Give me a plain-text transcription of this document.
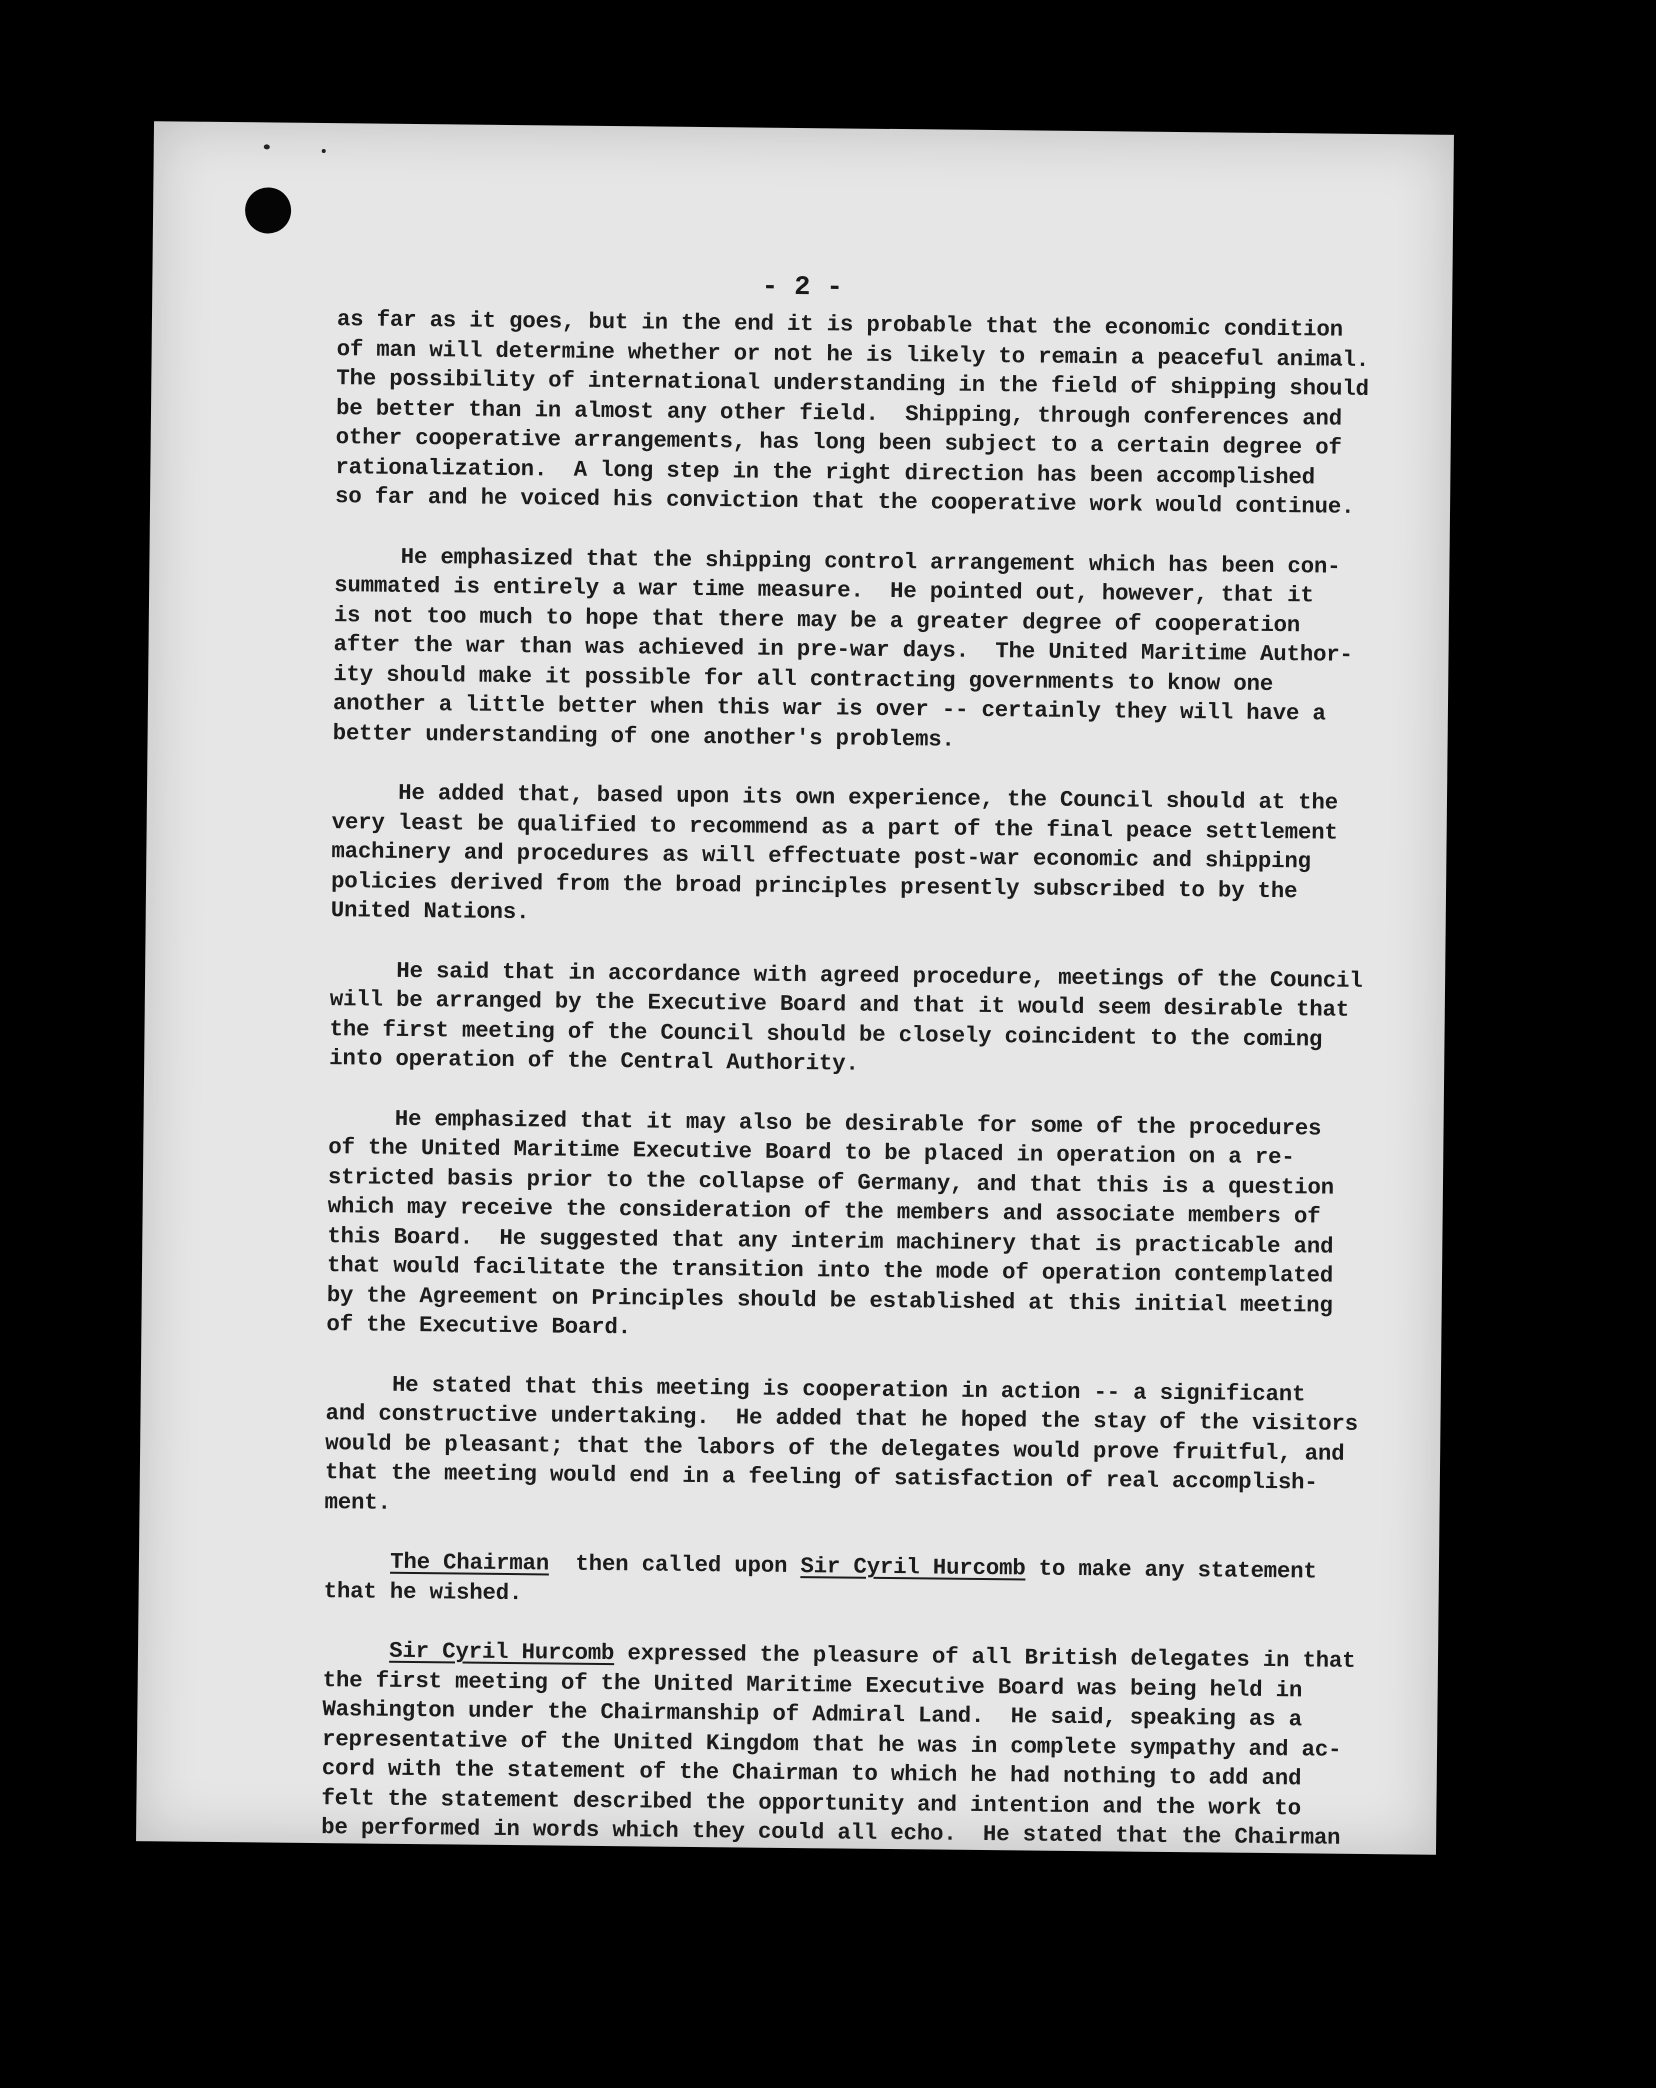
- 2 -
as far as it goes, but in the end it is probable that the economic condition
of man will determine whether or not he is likely to remain a peaceful animal.
The possibility of international understanding in the field of shipping should
be better than in almost any other field.  Shipping, through conferences and
other cooperative arrangements, has long been subject to a certain degree of
rationalization.  A long step in the right direction has been accomplished
so far and he voiced his conviction that the cooperative work would continue.
He emphasized that the shipping control arrangement which has been con-
summated is entirely a war time measure.  He pointed out, however, that it
is not too much to hope that there may be a greater degree of cooperation
after the war than was achieved in pre-war days.  The United Maritime Author-
ity should make it possible for all contracting governments to know one
another a little better when this war is over -- certainly they will have a
better understanding of one another's problems.
He added that, based upon its own experience, the Council should at the
very least be qualified to recommend as a part of the final peace settlement
machinery and procedures as will effectuate post-war economic and shipping
policies derived from the broad principles presently subscribed to by the
United Nations.
He said that in accordance with agreed procedure, meetings of the Council
will be arranged by the Executive Board and that it would seem desirable that
the first meeting of the Council should be closely coincident to the coming
into operation of the Central Authority.
He emphasized that it may also be desirable for some of the procedures
of the United Maritime Executive Board to be placed in operation on a re-
stricted basis prior to the collapse of Germany, and that this is a question
which may receive the consideration of the members and associate members of
this Board.  He suggested that any interim machinery that is practicable and
that would facilitate the transition into the mode of operation contemplated
by the Agreement on Principles should be established at this initial meeting
of the Executive Board.
He stated that this meeting is cooperation in action -- a significant
and constructive undertaking.  He added that he hoped the stay of the visitors
would be pleasant; that the labors of the delegates would prove fruitful, and
that the meeting would end in a feeling of satisfaction of real accomplish-
ment.
The Chairman  then called upon Sir Cyril Hurcomb to make any statement
that he wished.
Sir Cyril Hurcomb expressed the pleasure of all British delegates in that
the first meeting of the United Maritime Executive Board was being held in
Washington under the Chairmanship of Admiral Land.  He said, speaking as a
representative of the United Kingdom that he was in complete sympathy and ac-
cord with the statement of the Chairman to which he had nothing to add and
felt the statement described the opportunity and intention and the work to
be performed in words which they could all echo.  He stated that the Chairman
